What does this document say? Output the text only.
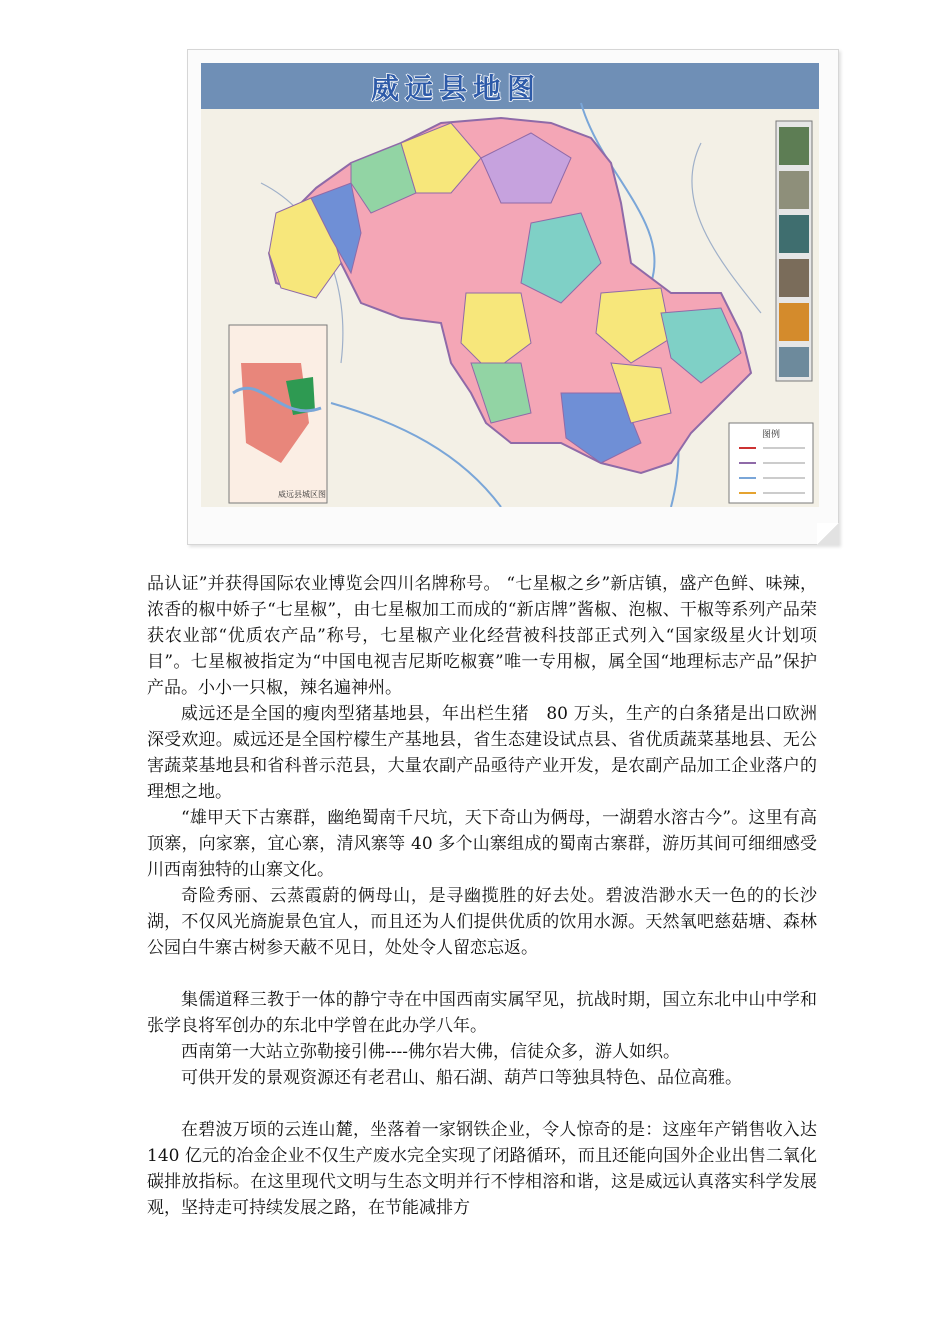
图例
威远县地图
威远县城区图

品认证”并获得国际农业博览会四川名牌称号。 “七星椒之乡”新店镇，盛产色鲜、味辣，浓香的椒中娇子“七星椒”，由七星椒加工而成的“新店牌”酱椒、泡椒、干椒等系列产品荣获农业部“优质农产品”称号，七星椒产业化经营被科技部正式列入“国家级星火计划项目”。七星椒被指定为“中国电视吉尼斯吃椒赛”唯一专用椒，属全国“地理标志产品”保护产品。小小一只椒，辣名遍神州。

威远还是全国的瘦肉型猪基地县，年出栏生猪　80 万头，生产的白条猪是出口欧洲深受欢迎。威远还是全国柠檬生产基地县，省生态建设试点县、省优质蔬菜基地县、无公害蔬菜基地县和省科普示范县，大量农副产品亟待产业开发，是农副产品加工企业落户的理想之地。

“雄甲天下古寨群，幽绝蜀南千尺坑，天下奇山为俩母，一湖碧水溶古今”。这里有高顶寨，向家寨，宜心寨，清风寨等 40 多个山寨组成的蜀南古寨群，游历其间可细细感受川西南独特的山寨文化。

奇险秀丽、云蒸霞蔚的俩母山，是寻幽揽胜的好去处。碧波浩渺水天一色的的长沙湖，不仅风光旖旎景色宜人，而且还为人们提供优质的饮用水源。天然氧吧慈菇塘、森林公园白牛寨古树参天蔽不见日，处处令人留恋忘返。

集儒道释三教于一体的静宁寺在中国西南实属罕见，抗战时期，国立东北中山中学和张学良将军创办的东北中学曾在此办学八年。

西南第一大站立弥勒接引佛----佛尔岩大佛，信徒众多，游人如织。

可供开发的景观资源还有老君山、船石湖、葫芦口等独具特色、品位高雅。

在碧波万顷的云连山麓，坐落着一家钢铁企业，令人惊奇的是：这座年产销售收入达 140 亿元的冶金企业不仅生产废水完全实现了闭路循环，而且还能向国外企业出售二氧化碳排放指标。在这里现代文明与生态文明并行不悖相溶和谐，这是威远认真落实科学发展观，坚持走可持续发展之路，在节能减排方
